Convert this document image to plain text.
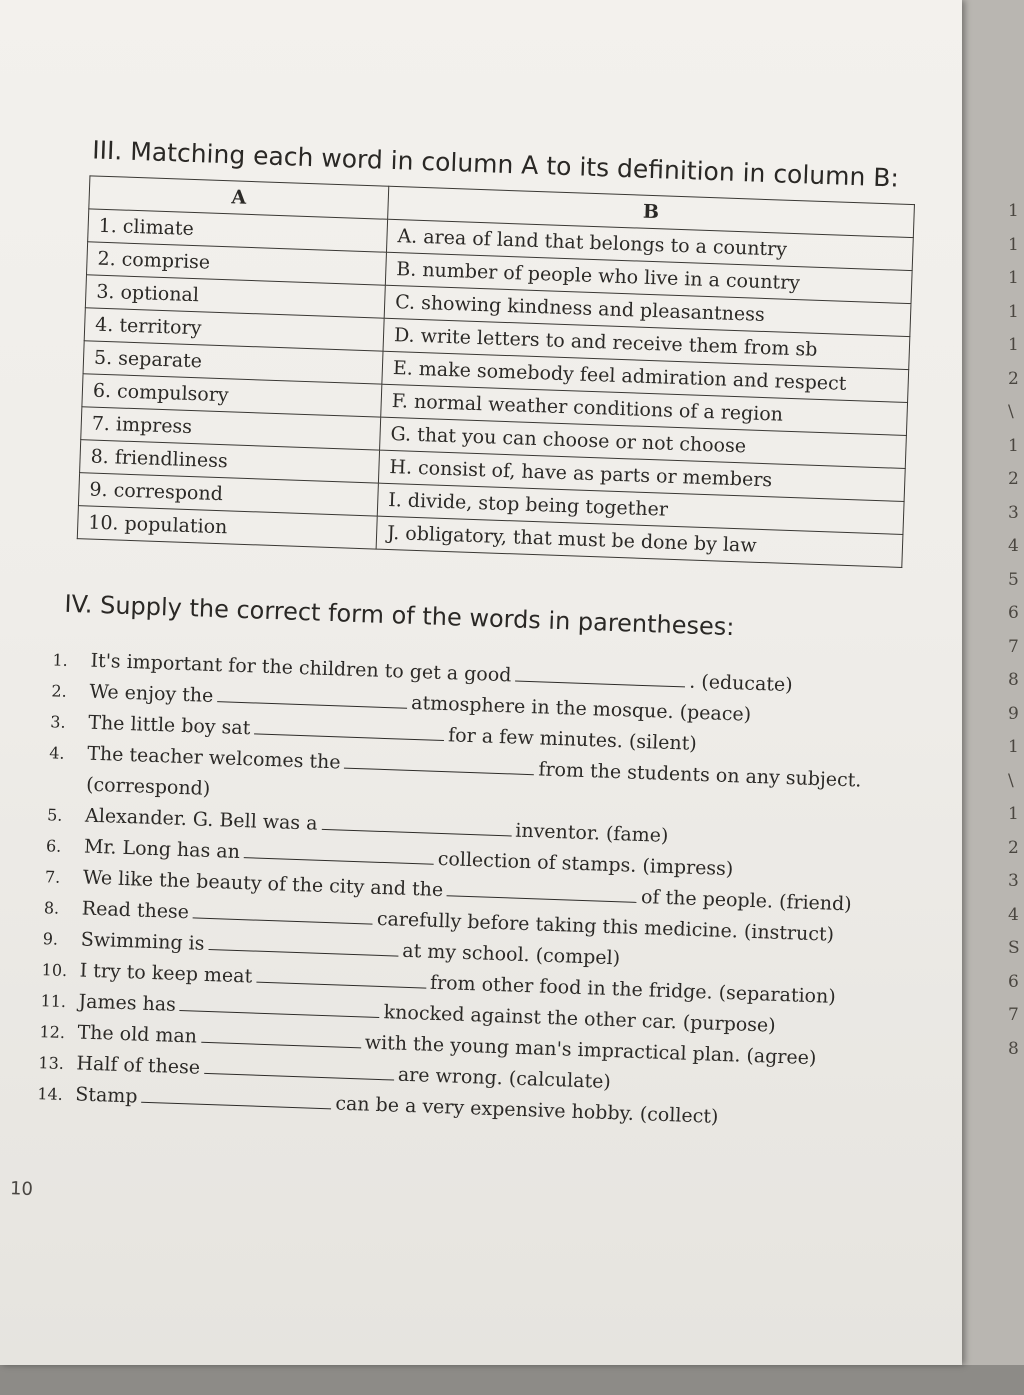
1
1
1
1
1
2
\
1
2
3
4
5
6
7
8
9
1
\
1
2
3
4
S
6
7
8
III. Matching each word in column A to its definition in column B:
A	B
1. climate	A. area of land that belongs to a country
2. comprise	B. number of people who live in a country
3. optional	C. showing kindness and pleasantness
4. territory	D. write letters to and receive them from sb
5. separate	E. make somebody feel admiration and respect
6. compulsory	F. normal weather conditions of a region
7. impress	G. that you can choose or not choose
8. friendliness	H. consist of, have as parts or members
9. correspond	I. divide, stop being together
10. population	J. obligatory, that must be done by law
IV. Supply the correct form of the words in parentheses:
1. It's important for the children to get a good	. (educate)
2. We enjoy the	atmosphere in the mosque. (peace)
3. The little boy sat	for a few minutes. (silent)
4. The teacher welcomes thefrom the students on any subject. (correspond)
5. Alexander. G. Bell was a	inventor. (fame)
6. Mr. Long has an	collection of stamps. (impress)
7. We like the beauty of the city and the	of the people. (friend)
8. Read these	carefully before taking this medicine. (instruct)
9. Swimming is	at my school. (compel)
10. I try to keep meat	from other food in the fridge. (separation)
11. James has	knocked against the other car. (purpose)
12. The old man	with the young man's impractical plan. (agree)
13. Half of these	are wrong. (calculate)
14. Stamp	can be a very expensive hobby. (collect)
10
